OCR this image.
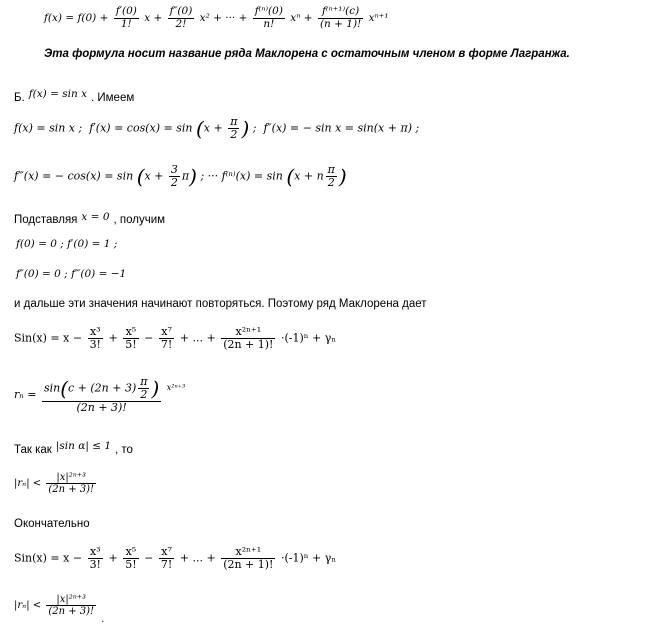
$f(x) = f(0) + \frac{f'(0)}{1!}$ $x + \frac{f''(0)}{2!} x^2$ + ··· + $\frac{\text{f⁽ⁿ⁾(0)}}{n!}$ $x^n + \frac{\text{f⁽ⁿ⁺¹⁾(c)}}{(n + 1)!} x^{n+1}$
Эта формула носит название ряда Маклорена с остаточным членом в форме Лагранжа.
Б. $^{f(x) = sin x}$ . Имеем
f(x) = sin x ; $f'(x) = \cos(x) = \sin (x + \frac{\pi}{2}$ ) ; f″(x) = − sin x = sin(x + π) ;
f‴(x) = − $\cos(x) = \sin (x + \frac{3}{2} \pi)$ ; ··· f⁽ⁿ⁾(x) = sin (x + n $\frac{\pi}{2}$ )
Подставляя x = 0 , получим
f(0) = 0 ; f′(0) = 1 ;
f″(0) = 0 ; f‴(0) = −1
и дальше эти значения начинают повторяться. Поэтому ряд Маклорена дает
$Sin(x) = x - \frac{\text{x³}}{3!} + \frac{\text{x⁵}}{5!} - \frac{\text{x⁷}}{7!}$ + ... + $\frac{\text{x²ⁿ⁺¹}}{(2n + 1)!} \cdot(-1)^n + \gamma_n$
$r_n = \frac{\sin(c + (2n + 3) \frac{\pi}{2} )}{(2n + 3)!} ^{x^{2n+3}}$
Так как $^{|sin \alpha| \le 1}$ , то
$|r_n| < \frac{\text{|x|²ⁿ⁺³}}{(2n + 3)!}$
Окончательно
$Sin(x) = x - \frac{\text{x³}}{3!} + \frac{\text{x⁵}}{5!} - \frac{\text{x⁷}}{7!}$ + ... + $\frac{\text{x²ⁿ⁺¹}}{(2n + 1)!} \cdot(-1)^n + \gamma_n$
$|r_n| < \frac{\text{|x|²ⁿ⁺³}}{(2n + 3)!}$
.
